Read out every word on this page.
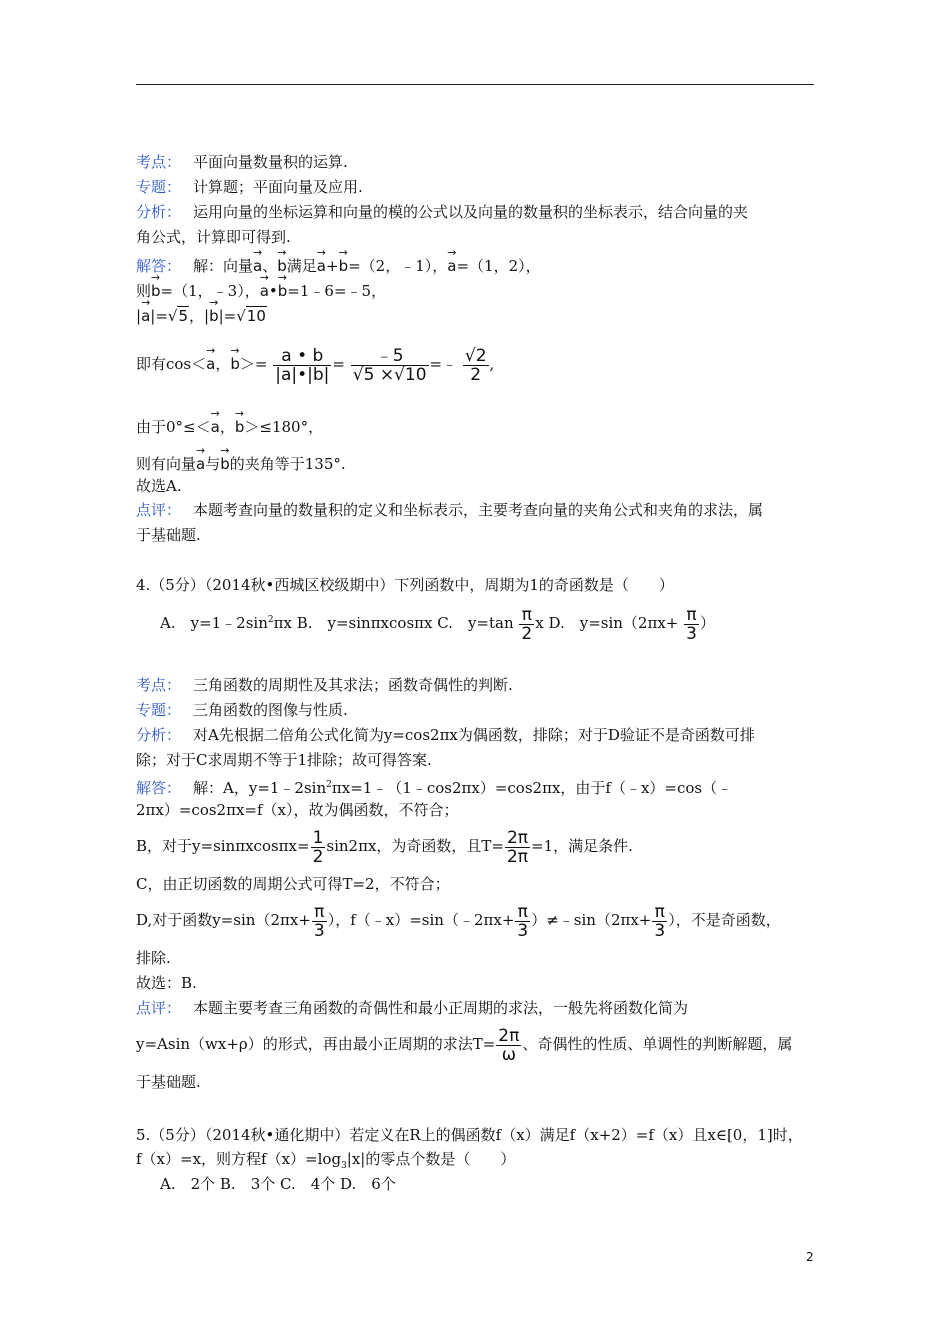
考点： 平面向量数量积的运算.
专题： 计算题；平面向量及应用.
分析： 运用向量的坐标运算和向量的模的公式以及向量的数量积的坐标表示，结合向量的夹
角公式，计算即可得到.
解答： 解：向量→ a、→ b满足→ a+→ b=（2，﹣1），→ a=（1，2），
则→ b=（1，﹣3），→ a•→ b=1﹣6=﹣5，
|→ a|=√5，|→ b|=√10
即有cos＜→ a，→ $b>= \frac{a • b}{|a|•|b|} = \frac{﹣5}{√5 \times√10}$ =﹣ $\frac{√2}{2}$ ,
由于0°≤＜→ a，→ b＞≤180°，
则有向量→ a与→ b的夹角等于135°.
故选A.
点评： 本题考查向量的数量积的定义和坐标表示，主要考查向量的夹角公式和夹角的求法，属
于基础题.
4.（5分）（2014秋•西城区校级期中）下列函数中，周期为1的奇函数是（　　）
A.　$y=1﹣2\sin^2\pi x$ B.　y=sinπxcosπx C.　$y=\tan \frac{\pi}{2}$ x D.　$y=\sin(2\pi x+ \frac{\pi}{3}$ ）
考点： 三角函数的周期性及其求法；函数奇偶性的判断.
专题： 三角函数的图像与性质.
分析： 对A先根据二倍角公式化简为y=cos2πx为偶函数，排除；对于D验证不是奇函数可排
除；对于C求周期不等于1排除；故可得答案.
解答： 解：A，$y=1﹣2\sin^2\pi x=1﹣(1﹣\cos 2\pi x)=\cos 2\pi x$，由于f（﹣x）=cos（﹣
2πx）=cos2πx=f（x），故为偶函数，不符合；
B，对于$y=\sin\pi xcos\pi x= \frac{1}{2} \sin 2\pi x$，为奇函数，且$T= \frac{2\pi}{2\pi} =1$，满足条件.
C，由正切函数的周期公式可得T=2，不符合；
D,对于函数$y=\sin(2\pi x+ \frac{\pi}{3}$ ），f（﹣x）=sin（﹣2πx+ $\frac{\pi}{3}$ ）≠﹣sin（2πx+ $\frac{\pi}{3}$ ），不是奇函数，
排除.
故选：B.
点评： 本题主要考查三角函数的奇偶性和最小正周期的求法，一般先将函数化简为
y=Asin（wx+ρ）的形式，再由最小正周期的求法$T= \frac{2\pi}{\omega}$ 、奇偶性的性质、单调性的判断解题，属
于基础题.
5.（5分）（2014秋•通化期中）若定义在R上的偶函数f（x）满足f（x+2）=f（x）且x∈[0，1]时，
f（x）=x，则方程$f(x)=\log_3|x|$的零点个数是（　　）
A.　2个 B.　3个 C.　4个 D.　6个
2
